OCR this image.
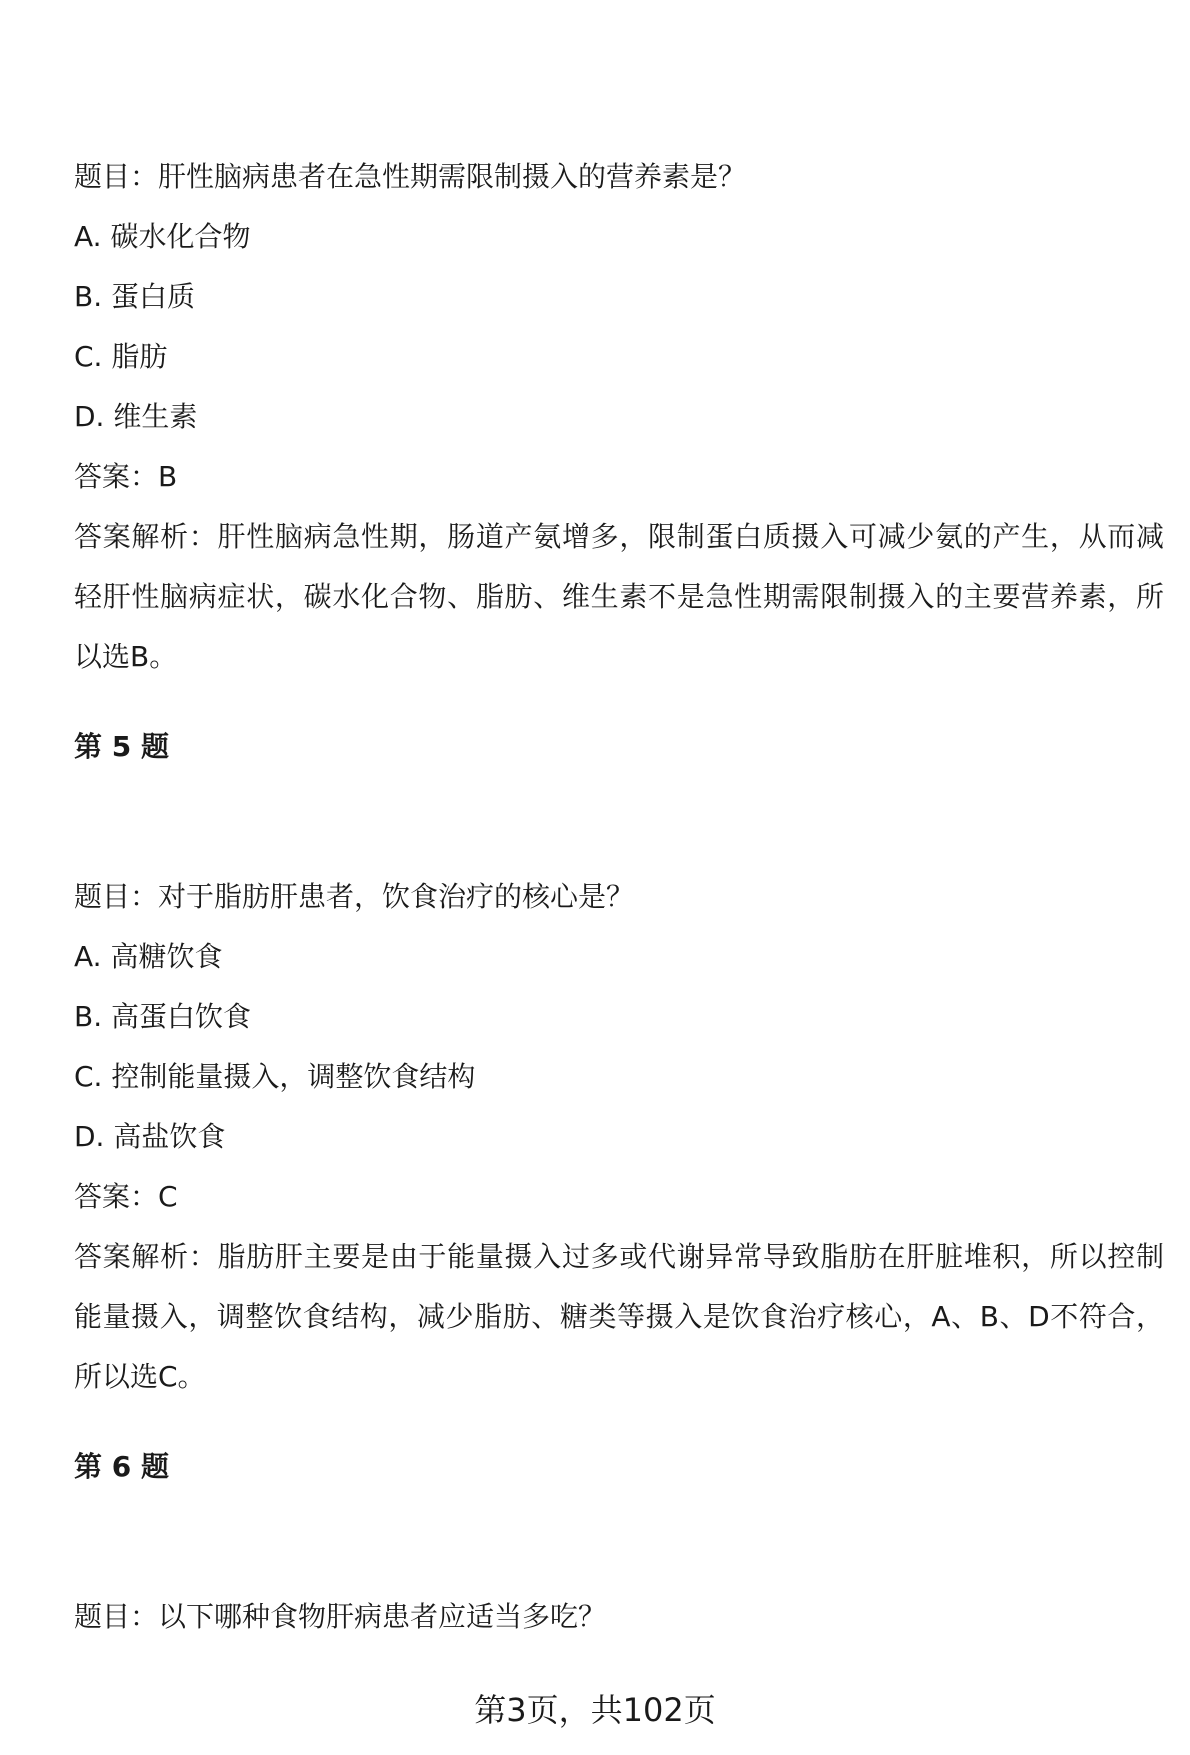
题目：肝性脑病患者在急性期需限制摄入的营养素是？
A. 碳水化合物
B. 蛋白质
C. 脂肪
D. 维生素
答案：B
答案解析：肝性脑病急性期，肠道产氨增多，限制蛋白质摄入可减少氨的产生，从而减轻肝性脑病症状，碳水化合物、脂肪、维生素不是急性期需限制摄入的主要营养素，所以选B。
第 5 题
题目：对于脂肪肝患者，饮食治疗的核心是？
A. 高糖饮食
B. 高蛋白饮食
C. 控制能量摄入，调整饮食结构
D. 高盐饮食
答案：C
答案解析：脂肪肝主要是由于能量摄入过多或代谢异常导致脂肪在肝脏堆积，所以控制能量摄入，调整饮食结构，减少脂肪、糖类等摄入是饮食治疗核心，A、B、D不符合，所以选C。
第 6 题
题目：以下哪种食物肝病患者应适当多吃？
第3页，共102页
